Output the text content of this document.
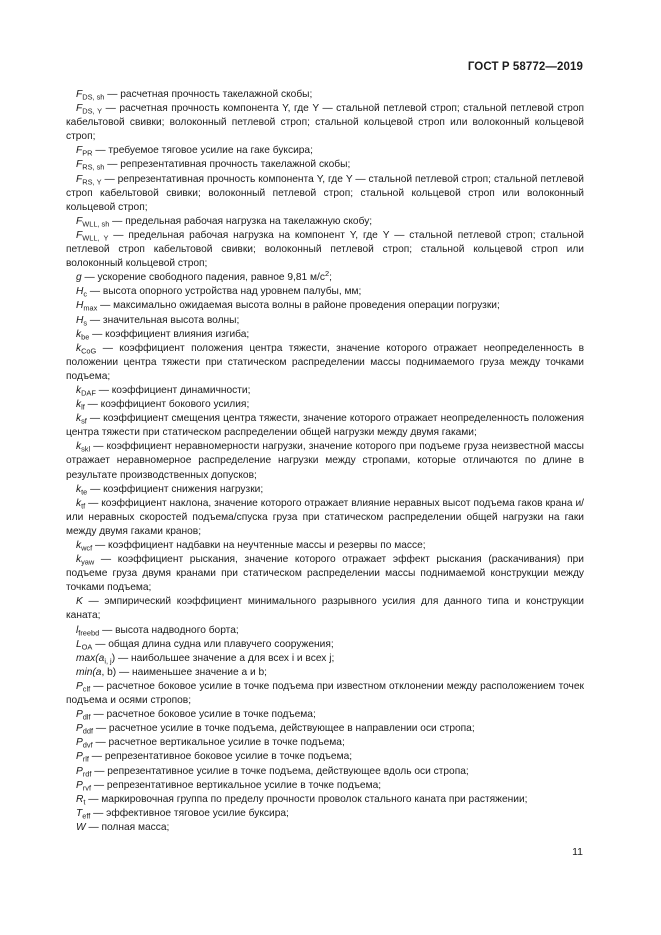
ГОСТ Р 58772—2019

$F_{DS, sh}$ — расчетная прочность такелажной скобы;

$F_{DS, Y}$ — расчетная прочность компонента Y, где Y — стальной петлевой строп; стальной петлевой строп кабельтовой свивки; волоконный петлевой строп; стальной кольцевой строп или волоконный кольцевой строп;

$F_{PR}$ — требуемое тяговое усилие на гаке буксира;

$F_{RS, sh}$ — репрезентативная прочность такелажной скобы;

$F_{RS, Y}$ — репрезентативная прочность компонента Y, где Y — стальной петлевой строп; стальной петлевой строп кабельтовой свивки; волоконный петлевой строп; стальной кольцевой строп или волоконный кольцевой строп;

$F_{WLL, sh}$ — предельная рабочая нагрузка на такелажную скобу;

$F_{WLL, Y}$ — предельная рабочая нагрузка на компонент Y, где Y — стальной петлевой строп; стальной петлевой строп кабельтовой свивки; волоконный петлевой строп; стальной кольцевой строп или волоконный кольцевой строп;

g — ускорение свободного падения, равное 9,81 $м/с^2$;

$H_c$ — высота опорного устройства над уровнем палубы, мм;

$H_{max}$ — максимально ожидаемая высота волны в районе проведения операции погрузки;

$H_s$ — значительная высота волны;

$k_{be}$ — коэффициент влияния изгиба;

$k_{CoG}$ — коэффициент положения центра тяжести, значение которого отражает неопределенность в положении центра тяжести при статическом распределении массы поднимаемого груза между точками подъема;

$k_{DAF}$ — коэффициент динамичности;

$k_{lf}$ — коэффициент бокового усилия;

$k_{sf}$ — коэффициент смещения центра тяжести, значение которого отражает неопределенность положения центра тяжести при статическом распределении общей нагрузки между двумя гаками;

$k_{skl}$ — коэффициент неравномерности нагрузки, значение которого при подъеме груза неизвестной массы отражает неравномерное распределение нагрузки между стропами, которые отличаются по длине в результате производственных допусков;

$k_{te}$ — коэффициент снижения нагрузки;

$k_{tf}$ — коэффициент наклона, значение которого отражает влияние неравных высот подъема гаков крана и/или неравных скоростей подъема/спуска груза при статическом распределении общей нагрузки на гаки между двумя гаками кранов;

$k_{wcf}$ — коэффициент надбавки на неучтенные массы и резервы по массе;

$k_{yaw}$ — коэффициент рыскания, значение которого отражает эффект рыскания (раскачивания) при подъеме груза двумя кранами при статическом распределении массы поднимаемой конструкции между точками подъема;

K — эмпирический коэффициент минимального разрывного усилия для данного типа и конструкции каната;

$l_{freebd}$ — высота надводного борта;

$L_{OA}$ — общая длина судна или плавучего сооружения;

$\max(a_{i, j})$ — наибольшее значение a для всех i и всех j;

min(a, b) — наименьшее значение a и b;

$P_{clf}$ — расчетное боковое усилие в точке подъема при известном отклонении между расположением точек подъема и осями стропов;

$P_{dlf}$ — расчетное боковое усилие в точке подъема;

$P_{ddf}$ — расчетное усилие в точке подъема, действующее в направлении оси стропа;

$P_{dvf}$ — расчетное вертикальное усилие в точке подъема;

$P_{rlf}$ — репрезентативное боковое усилие в точке подъема;

$P_{rdf}$ — репрезентативное усилие в точке подъема, действующее вдоль оси стропа;

$P_{rvf}$ — репрезентативное вертикальное усилие в точке подъема;

$R_t$ — маркировочная группа по пределу прочности проволок стального каната при растяжении;

$T_{eff}$ — эффективное тяговое усилие буксира;

W — полная масса;

11
